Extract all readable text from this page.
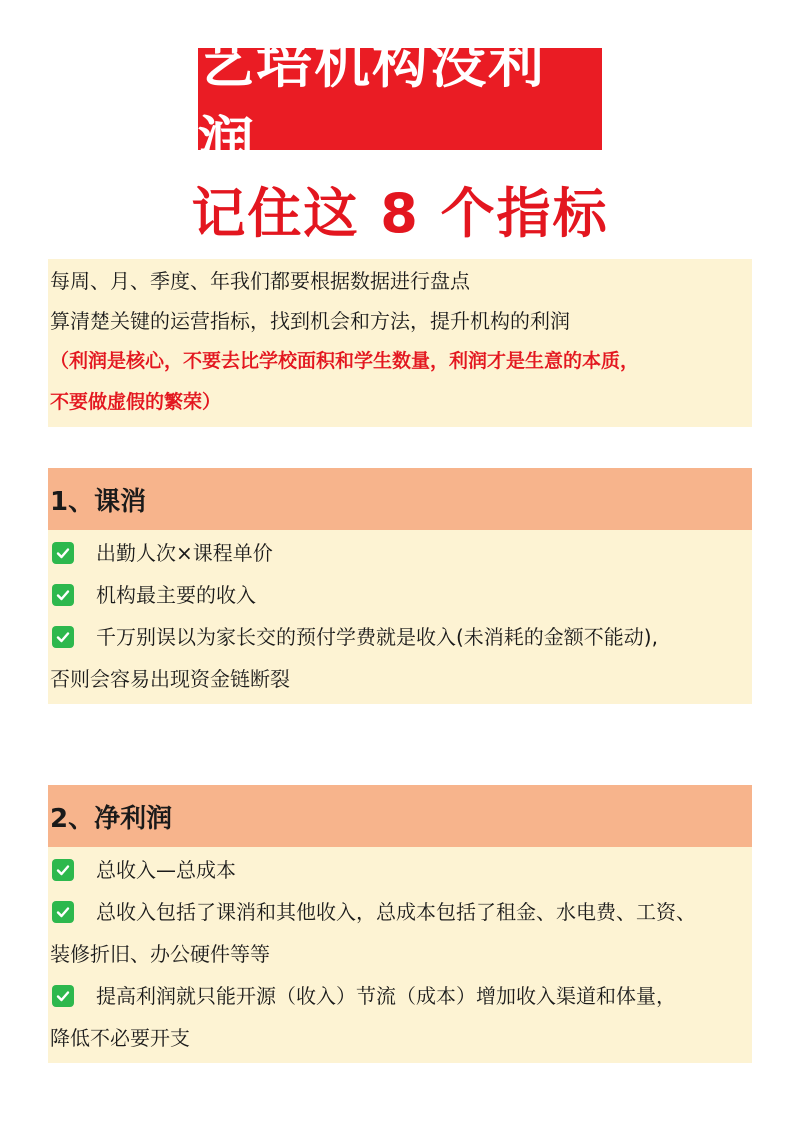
艺培机构没利润
记住这 8 个指标
每周、月、季度、年我们都要根据数据进行盘点
算清楚关键的运营指标，找到机会和方法，提升机构的利润
（利润是核心，不要去比学校面积和学生数量，利润才是生意的本质，
不要做虚假的繁荣）
1、课消
出勤人次×课程单价
机构最主要的收入
千万别误以为家长交的预付学费就是收入(未消耗的金额不能动),
否则会容易出现资金链断裂
2、净利润
总收入—总成本
总收入包括了课消和其他收入，总成本包括了租金、水电费、工资、
装修折旧、办公硬件等等
提高利润就只能开源（收入）节流（成本）增加收入渠道和体量，
降低不必要开支
